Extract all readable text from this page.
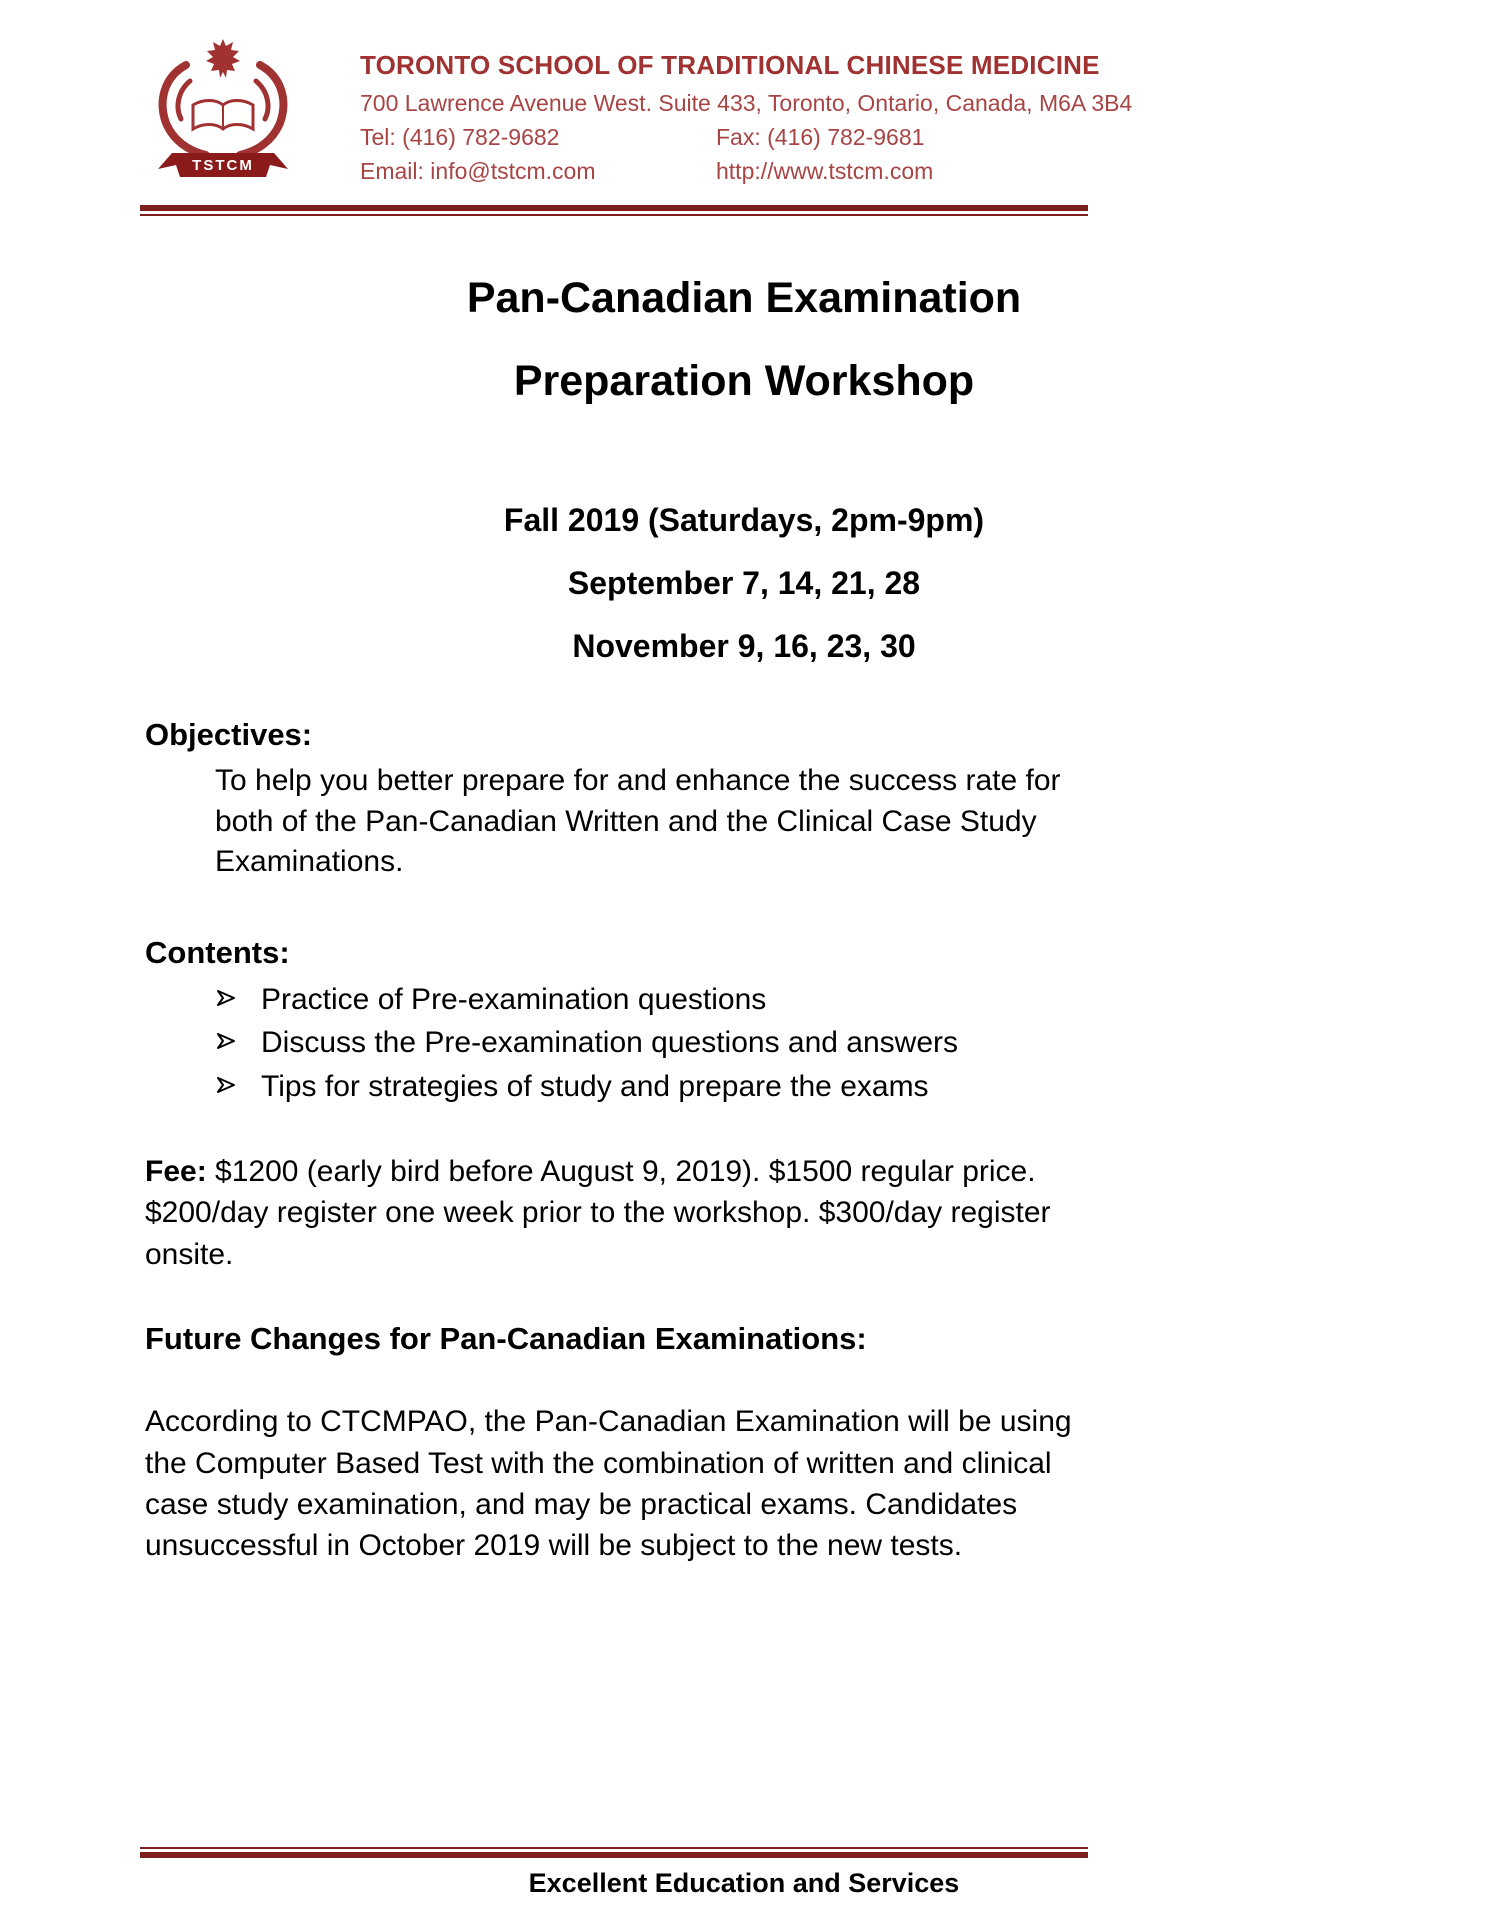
TSTCM
TORONTO SCHOOL OF TRADITIONAL CHINESE MEDICINE
700 Lawrence Avenue West. Suite 433, Toronto, Ontario, Canada, M6A 3B4
Tel: (416) 782-9682	Fax: (416) 782-9681
Email: info@tstcm.com	http://www.tstcm.com
Pan-Canadian Examination
Preparation Workshop
Fall 2019 (Saturdays, 2pm-9pm)
September 7, 14, 21, 28
November 9, 16, 23, 30
Objectives:

To help you better prepare for and enhance the success rate for both of the Pan-Canadian Written and the Clinical Case Study Examinations.

Contents:
Practice of Pre-examination questions
Discuss the Pre-examination questions and answers
Tips for strategies of study and prepare the exams

Fee: $1200 (early bird before August 9, 2019). $1500 regular price. $200/day register one week prior to the workshop. $300/day register onsite.

Future Changes for Pan-Canadian Examinations:

According to CTCMPAO, the Pan-Canadian Examination will be using the Computer Based Test with the combination of written and clinical case study examination, and may be practical exams. Candidates unsuccessful in October 2019 will be subject to the new tests.

Excellent Education and Services
